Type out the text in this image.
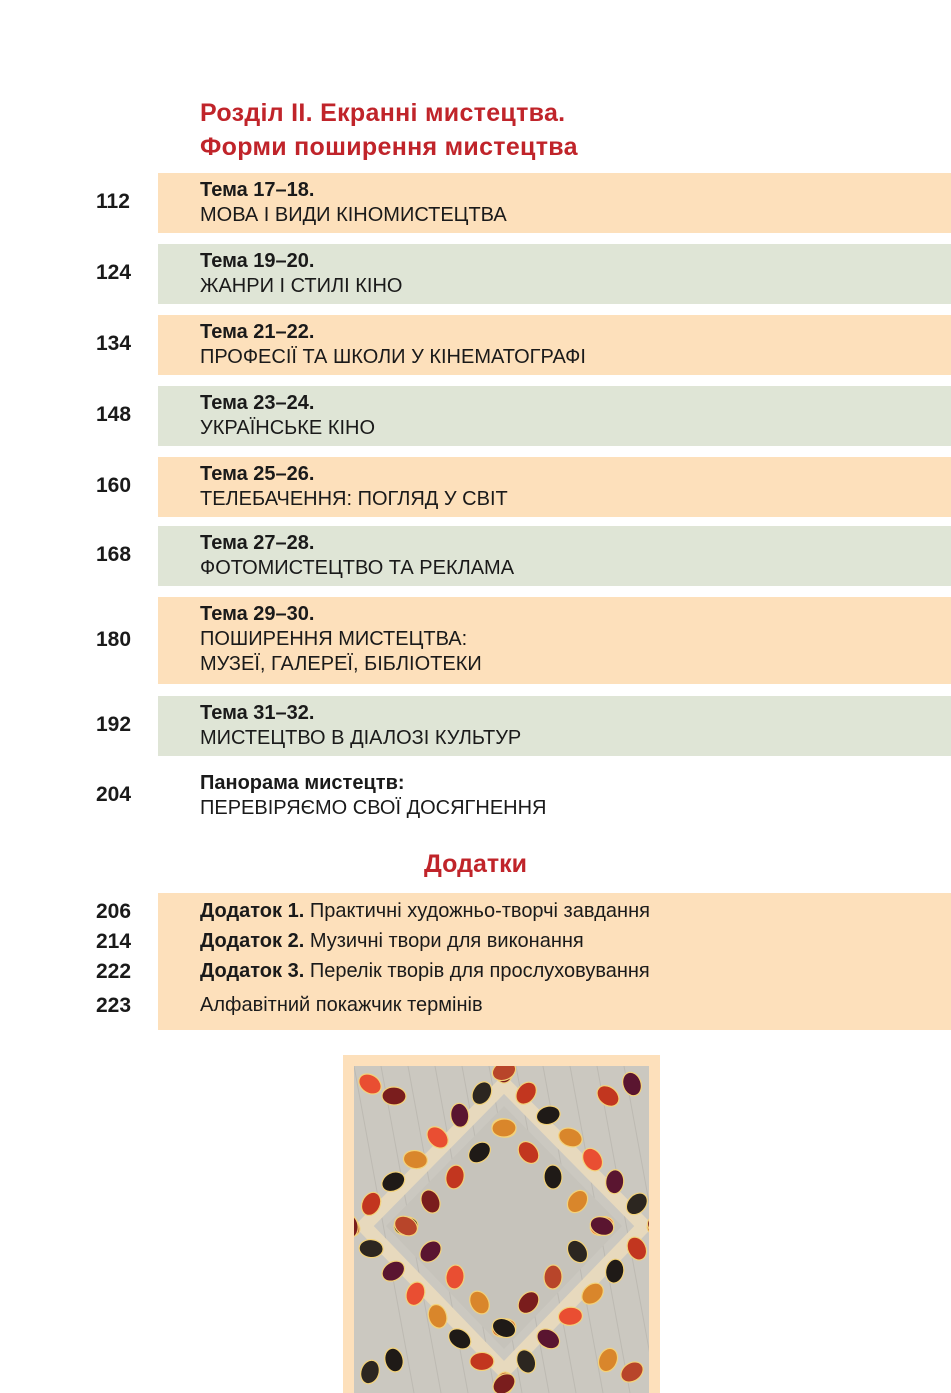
Розділ ІІ. Екранні мистецтва.
Форми поширення мистецтва
112	Тема 17–18.
МОВА І ВИДИ КІНОМИСТЕЦТВА
124	Тема 19–20.
ЖАНРИ І СТИЛІ КІНО
134	Тема 21–22.
ПРОФЕСІЇ ТА ШКОЛИ У КІНЕМАТОГРАФІ
148	Тема 23–24.
УКРАЇНСЬКЕ КІНО
160	Тема 25–26.
ТЕЛЕБАЧЕННЯ: ПОГЛЯД У СВІТ
168	Тема 27–28.
ФОТОМИСТЕЦТВО ТА РЕКЛАМА
180
Тема 29–30.
ПОШИРЕННЯ МИСТЕЦТВА:
МУЗЕЇ, ГАЛЕРЕЇ, БІБЛІОТЕКИ
192	Тема 31–32.
МИСТЕЦТВО В ДІАЛОЗІ КУЛЬТУР
204	Панорама мистецтв:
ПЕРЕВІРЯЄМО СВОЇ ДОСЯГНЕННЯ
Додатки
206	Додаток 1. Практичні художньо-творчі завдання
214	Додаток 2. Музичні твори для виконання
222	Додаток 3. Перелік творів для прослуховування
223	Алфавітний покажчик термінів
